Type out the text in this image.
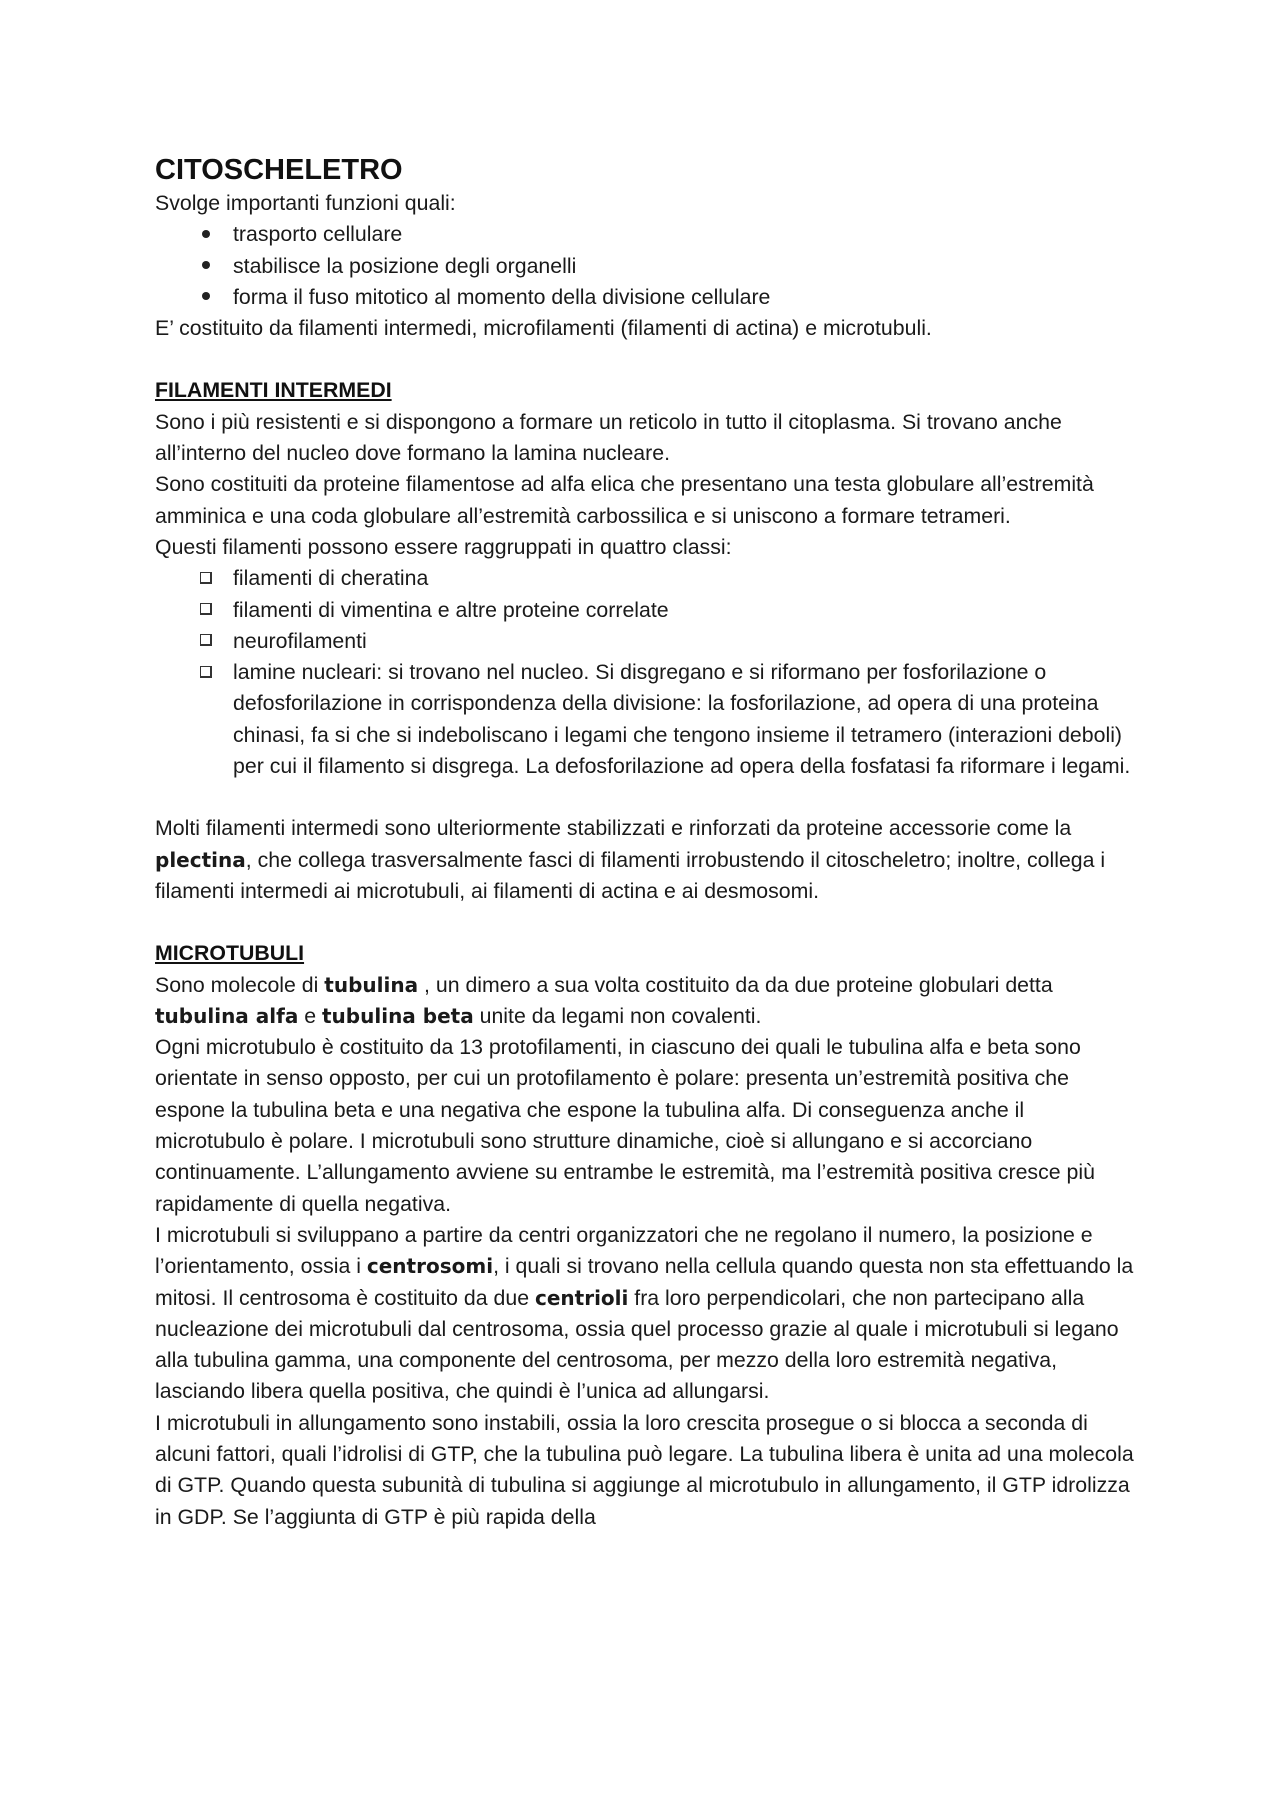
CITOSCHELETRO

Svolge importanti funzioni quali:

trasporto cellulare
stabilisce la posizione degli organelli
forma il fuso mitotico al momento della divisione cellulare

E’ costituito da filamenti intermedi, microfilamenti (filamenti di actina) e microtubuli.

FILAMENTI INTERMEDI

Sono i più resistenti e si dispongono a formare un reticolo in tutto il citoplasma. Si trovano anche all’interno del nucleo dove formano la lamina nucleare.

Sono costituiti da proteine filamentose ad alfa elica che presentano una testa globulare all’estremità amminica e una coda globulare all’estremità carbossilica e si uniscono a formare tetrameri.

Questi filamenti possono essere raggruppati in quattro classi:

filamenti di cheratina
filamenti di vimentina e altre proteine correlate
neurofilamenti
lamine nucleari: si trovano nel nucleo. Si disgregano e si riformano per fosforilazione o defosforilazione in corrispondenza della divisione: la fosforilazione, ad opera di una proteina chinasi, fa si che si indeboliscano i legami che tengono insieme il tetramero (interazioni deboli) per cui il filamento si disgrega. La defosforilazione ad opera della fosfatasi fa riformare i legami.

Molti filamenti intermedi sono ulteriormente stabilizzati e rinforzati da proteine accessorie come la plectina, che collega trasversalmente fasci di filamenti irrobustendo il citoscheletro; inoltre, collega i filamenti intermedi ai microtubuli, ai filamenti di actina e ai desmosomi.

MICROTUBULI

Sono molecole di tubulina , un dimero a sua volta costituito da da due proteine globulari detta tubulina alfa e tubulina beta unite da legami non covalenti.

Ogni microtubulo è costituito da 13 protofilamenti, in ciascuno dei quali le tubulina alfa e beta sono orientate in senso opposto, per cui un protofilamento è polare: presenta un’estremità positiva che espone la tubulina beta e una negativa che espone la tubulina alfa. Di conseguenza anche il microtubulo è polare. I microtubuli sono strutture dinamiche, cioè si allungano e si accorciano continuamente. L’allungamento avviene su entrambe le estremità, ma l’estremità positiva cresce più rapidamente di quella negativa.

I microtubuli si sviluppano a partire da centri organizzatori che ne regolano il numero, la posizione e l’orientamento, ossia i centrosomi, i quali si trovano nella cellula quando questa non sta effettuando la mitosi. Il centrosoma è costituito da due centrioli fra loro perpendicolari, che non partecipano alla nucleazione dei microtubuli dal centrosoma, ossia quel processo grazie al quale i microtubuli si legano alla tubulina gamma, una componente del centrosoma, per mezzo della loro estremità negativa, lasciando libera quella positiva, che quindi è l’unica ad allungarsi.

I microtubuli in allungamento sono instabili, ossia la loro crescita prosegue o si blocca a seconda di alcuni fattori, quali l’idrolisi di GTP, che la tubulina può legare. La tubulina libera è unita ad una molecola di GTP. Quando questa subunità di tubulina si aggiunge al microtubulo in allungamento, il GTP idrolizza in GDP. Se l’aggiunta di GTP è più rapida della
